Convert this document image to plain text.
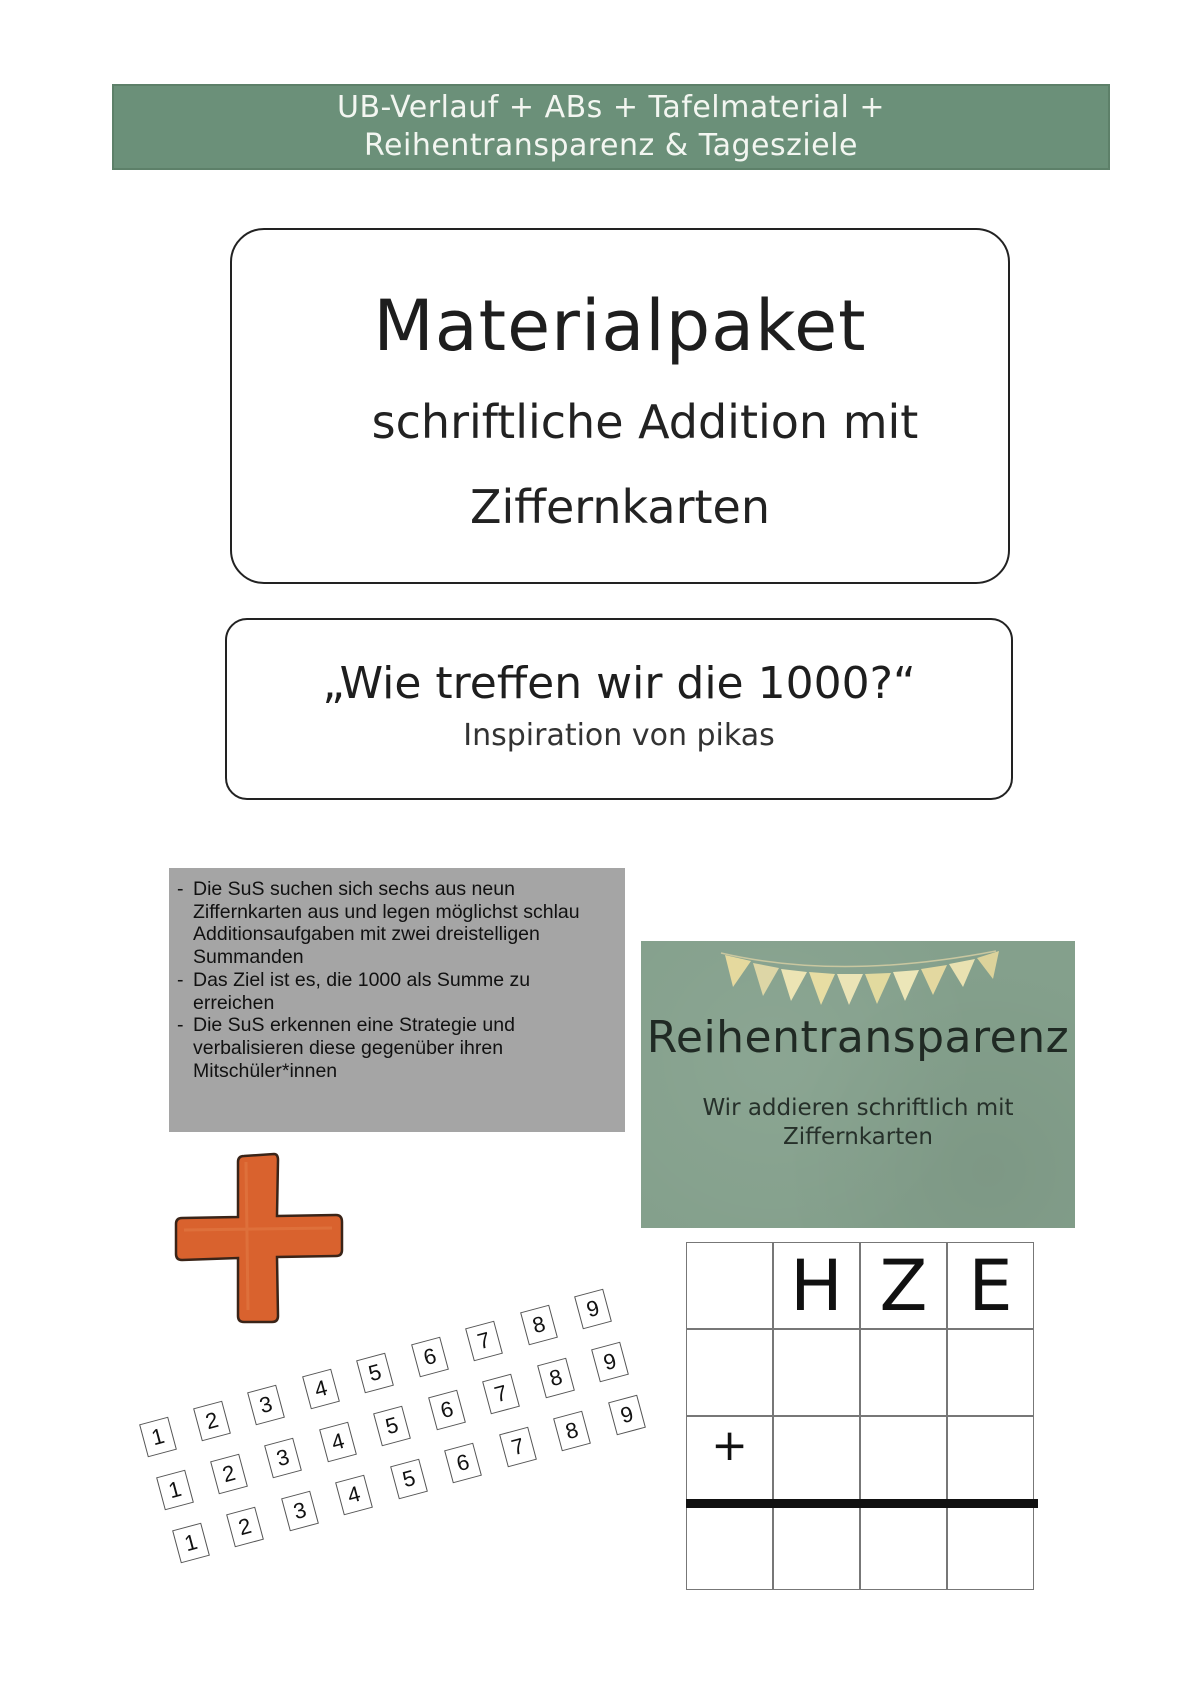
UB-Verlauf + ABs + Tafelmaterial +
Reihentransparenz & Tagesziele
Materialpaket
schriftliche Addition mit
Ziffernkarten
„Wie treffen wir die 1000?“
Inspiration von pikas
- Die SuS suchen sich sechs aus neun Ziffernkarten aus und legen möglichst schlau Additionsaufgaben mit zwei dreistelligen Summanden
- Das Ziel ist es, die 1000 als Summe zu erreichen
- Die SuS erkennen eine Strategie und verbalisieren diese gegenüber ihren Mitschüler*innen
Reihentransparenz
Wir addieren schriftlich mit
Ziffernkarten
H Z E
+
1
2
3
4
5
6
7
8
9
1
2
3
4
5
6
7
8
9
1
2
3
4
5
6
7
8
9
